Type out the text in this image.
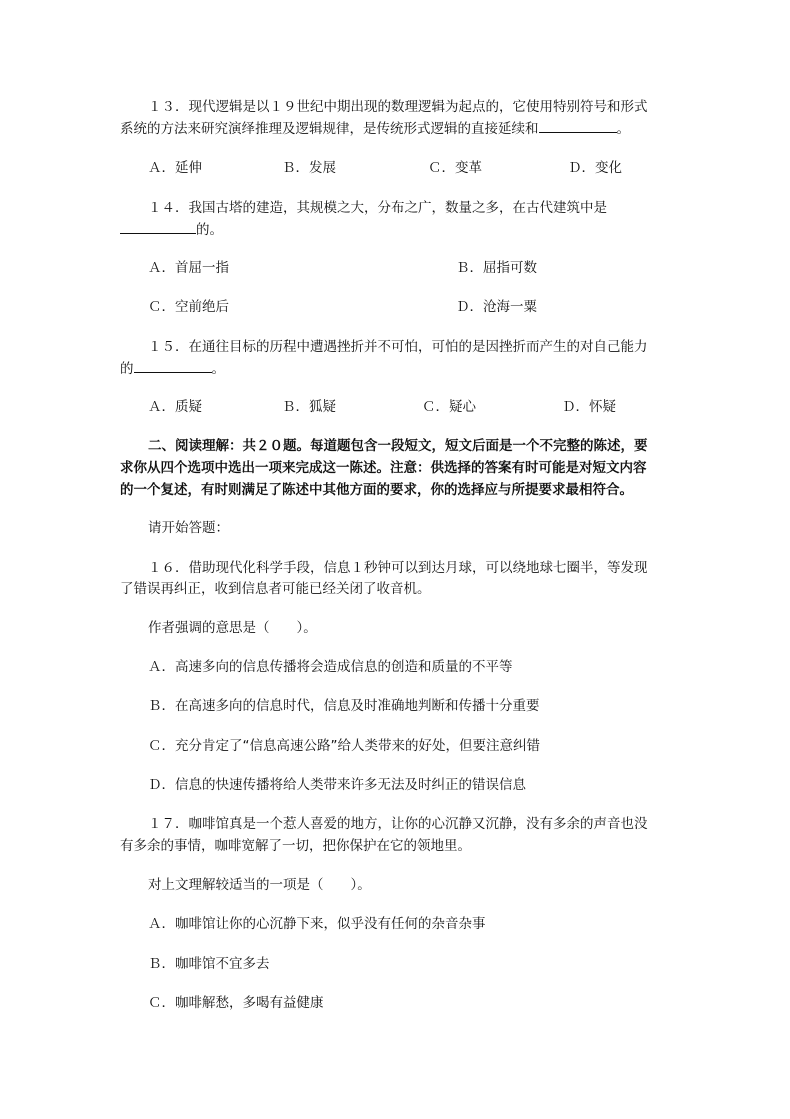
１３．现代逻辑是以１９世纪中期出现的数理逻辑为起点的，它使用特别符号和形式
系统的方法来研究演绎推理及逻辑规律，是传统形式逻辑的直接延续和	。
Ａ．延伸	Ｂ．发展	Ｃ．变革	Ｄ．变化
１４．我国古塔的建造，其规模之大，分布之广，数量之多，在古代建筑中是
的。
Ａ．首屈一指	Ｂ．屈指可数
Ｃ．空前绝后	Ｄ．沧海一粟
１５．在通往目标的历程中遭遇挫折并不可怕，可怕的是因挫折而产生的对自己能力
的	。
Ａ．质疑	Ｂ．狐疑	Ｃ．疑心	Ｄ．怀疑
二、阅读理解：共２０题。每道题包含一段短文，短文后面是一个不完整的陈述，要
求你从四个选项中选出一项来完成这一陈述。注意：供选择的答案有时可能是对短文内容
的一个复述，有时则满足了陈述中其他方面的要求，你的选择应与所提要求最相符合。
请开始答题：
１６．借助现代化科学手段，信息１秒钟可以到达月球，可以绕地球七圈半，等发现
了错误再纠正，收到信息者可能已经关闭了收音机。
作者强调的意思是（　　）。
Ａ．高速多向的信息传播将会造成信息的创造和质量的不平等
Ｂ．在高速多向的信息时代，信息及时准确地判断和传播十分重要
Ｃ．充分肯定了“信息高速公路”给人类带来的好处，但要注意纠错
Ｄ．信息的快速传播将给人类带来许多无法及时纠正的错误信息
１７．咖啡馆真是一个惹人喜爱的地方，让你的心沉静又沉静，没有多余的声音也没
有多余的事情，咖啡宽解了一切，把你保护在它的领地里。
对上文理解较适当的一项是（　　）。
Ａ．咖啡馆让你的心沉静下来，似乎没有任何的杂音杂事
Ｂ．咖啡馆不宜多去
Ｃ．咖啡解愁，多喝有益健康
